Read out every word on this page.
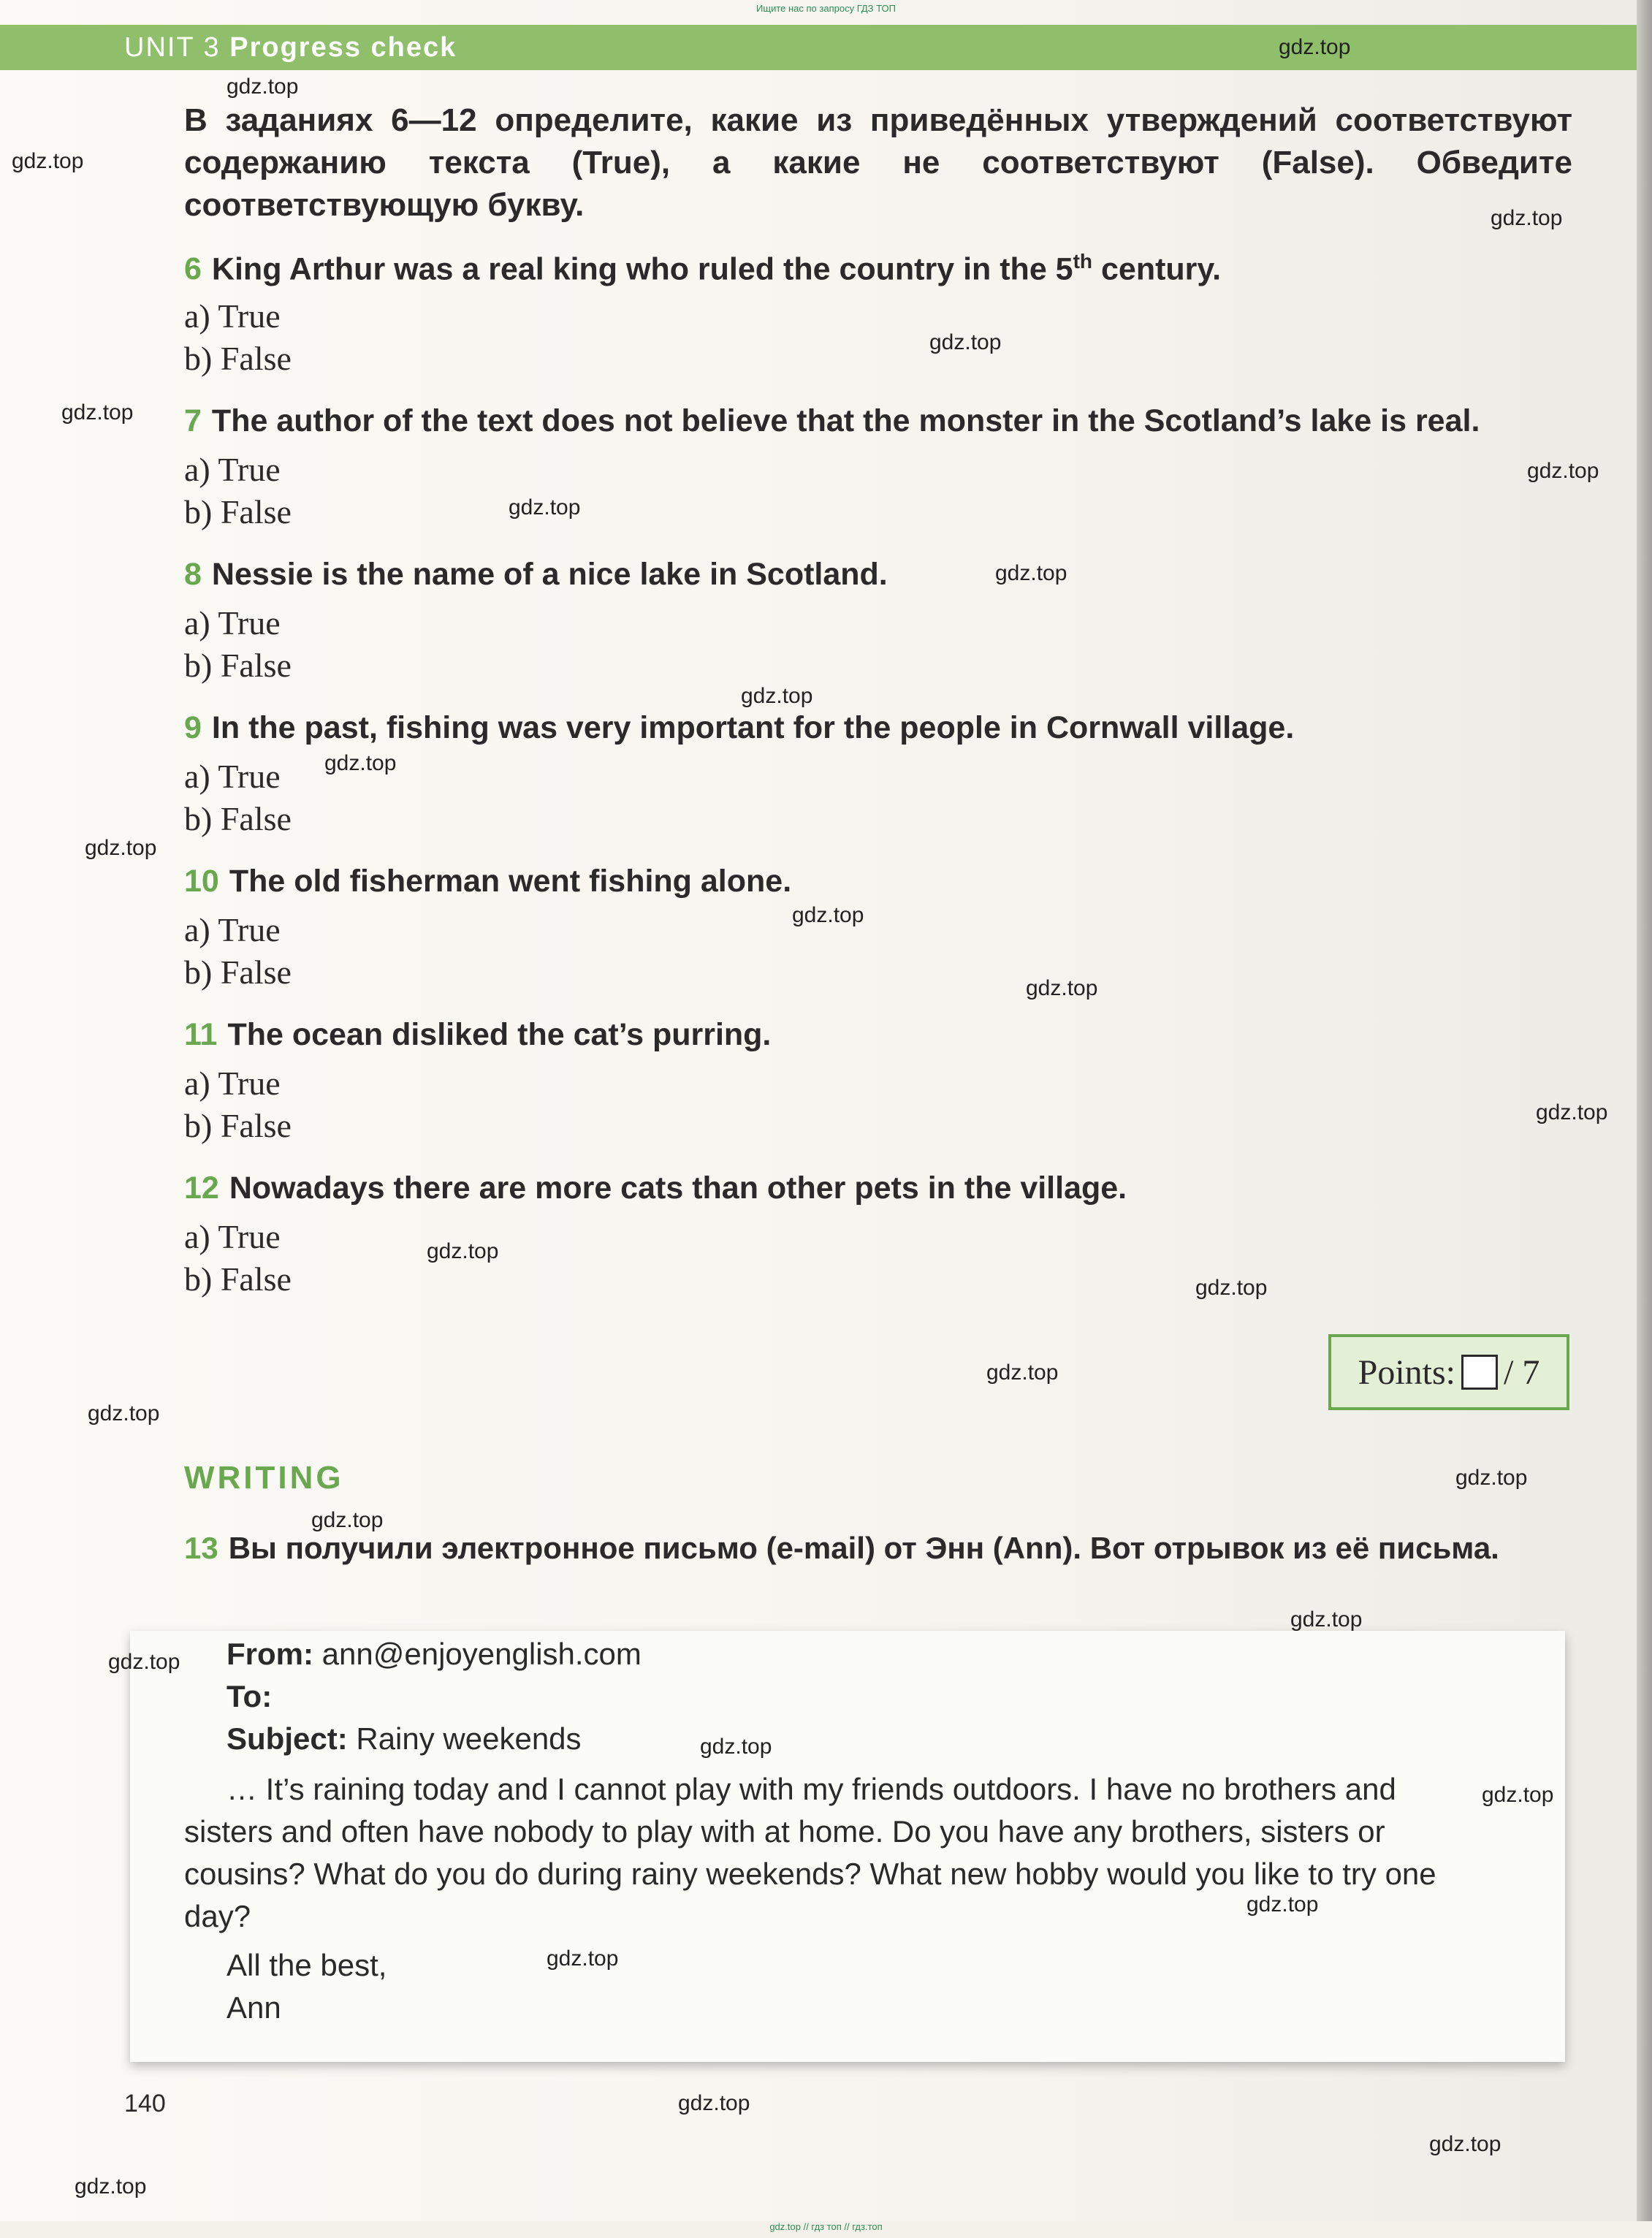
Ищите нас по запросу ГДЗ ТОП
UNIT 3 Progress check
В заданиях 6—12 определите, какие из приведённых утверждений соответствуют содержанию текста (True), а какие не соответствуют (False). Обведите соответствующую букву.
6 King Arthur was a real king who ruled the country in the 5th century.
a) True
b) False
7 The author of the text does not believe that the monster in the Scotland’s lake is real.
a) True
b) False
8 Nessie is the name of a nice lake in Scotland.
a) True
b) False
9 In the past, fishing was very important for the people in Cornwall village.
a) True
b) False
10 The old fisherman went fishing alone.
a) True
b) False
11 The ocean disliked the cat’s purring.
a) True
b) False
12 Nowadays there are more cats than other pets in the village.
a) True
b) False
Points: / 7
WRITING
13 Вы получили электронное письмо (e-mail) от Энн (Ann). Вот отрывок из её письма.
From: ann@enjoyenglish.com
To:
Subject: Rainy weekends
… It’s raining today and I cannot play with my friends outdoors. I have no brothers and sisters and often have nobody to play with at home. Do you have any brothers, sisters or cousins? What do you do during rainy weekends? What new hobby would you like to try one day?
All the best,
Ann
140
gdz.top // гдз топ // гдз.топ
gdz.top
gdz.top
gdz.top
gdz.top
gdz.top
gdz.top
gdz.top
gdz.top
gdz.top
gdz.top
gdz.top
gdz.top
gdz.top
gdz.top
gdz.top
gdz.top
gdz.top
gdz.top
gdz.top
gdz.top
gdz.top
gdz.top
gdz.top
gdz.top
gdz.top
gdz.top
gdz.top
gdz.top
gdz.top
gdz.top
